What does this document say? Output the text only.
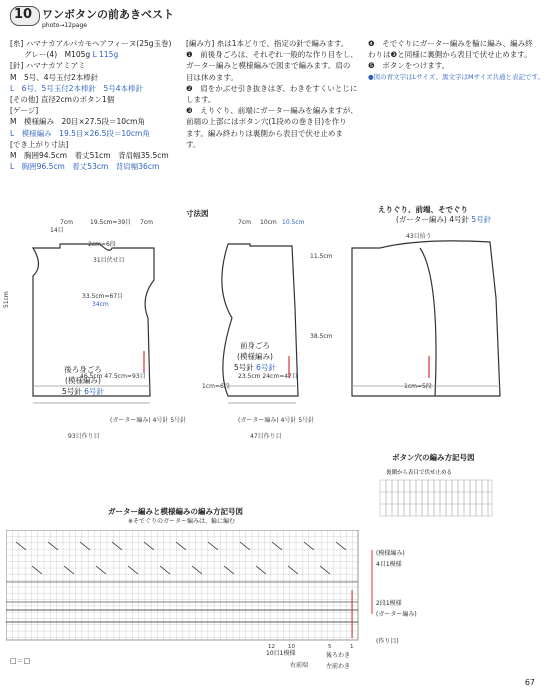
10 ワンボタンの前あきベスト
photo→12page
[糸] ハマナカアルパカモヘアフィーヌ(25g玉巻)
グレー(4)　M105g L 115g
[針] ハマナカアミアミ
M　5号、4号玉付2本棒針
L　6号、5号玉付2本棒針　5号4本棒針
[その他] 直径2cmのボタン1個
[ゲージ]
M　模様編み　20目×27.5段＝10cm角
L　模様編み　19.5目×26.5段＝10cm角
[でき上がり寸法]
M　胸囲94.5cm　着丈51cm　背肩幅35.5cm
L　胸囲96.5cm　着丈53cm　背肩幅36cm
[編み方] 糸は1本どりで、指定の針で編みます。
❶　前後身ごろは、それぞれ一般的な作り目をし、
ガーター編みと模様編みで図まで編みます。肩の
目は休めます。
❷　肩をかぶせ引き抜きはぎ、わきをすくいとじに
します。
❸　えりぐり、前端にガーター編みを編みますが、
前端の上部にはボタン穴(1段めの巻き目)を作り
ます。編み終わりは裏側から表目で伏せ止めま
す。
❹　そでぐりにガーター編みを輪に編み、編み終
わりは❸と同様に裏側から表目で伏せ止めます。
❺　ボタンをつけます。
●図の青文字はLサイズ、黒文字はMサイズ共通と表記です。
寸法図	えりぐり、前端、そでぐり
(ガーター編み) 4号針 5号針
7cm	19.5cm=39目 7cm
14目
2cm=6段
31目伏せ目
33.5cm=67目
34cm
46.5cm 47.5cm=93目
51cm
7cm 10cm 10.5cm
23.5cm 24cm=47目
11.5cm
38.5cm
1cm=6段
(ガーター編み) 4号針 5号針	(ガーター編み) 4号針 5号針
93目作り目	47目作り目
43目拾う
1cm=5段
後ろ身ごろ
(模様編み)
5号針 6号針
前身ごろ
(模様編み)
5号針 6号針
ボタン穴の編み方記号図
裏側から表目で伏せ止める
ガーター編みと模様編みの編み方記号図
※そでぐりのガーター編みは、輪に編む
12 10	5	1
(模様編み)
4目1模様
2段1模様
(ガーター編み)
(作り目)
10目1模様
右前端
後ろわき
左前わき
□＝□
67
